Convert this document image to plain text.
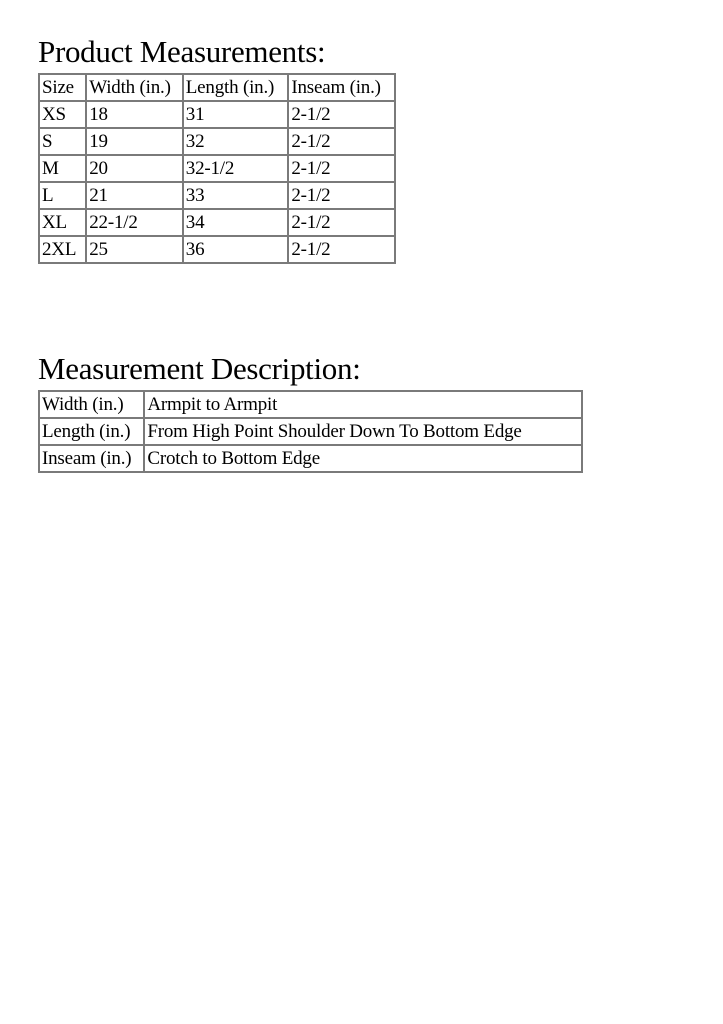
Product Measurements:
Size	Width (in.)	Length (in.)	Inseam (in.)
XS	18	31	2-1/2
S	19	32	2-1/2
M	20	32-1/2	2-1/2
L	21	33	2-1/2
XL	22-1/2	34	2-1/2
2XL	25	36	2-1/2
Measurement Description:
Width (in.)	Armpit to Armpit
Length (in.)	From High Point Shoulder Down To Bottom Edge
Inseam (in.)	Crotch to Bottom Edge
